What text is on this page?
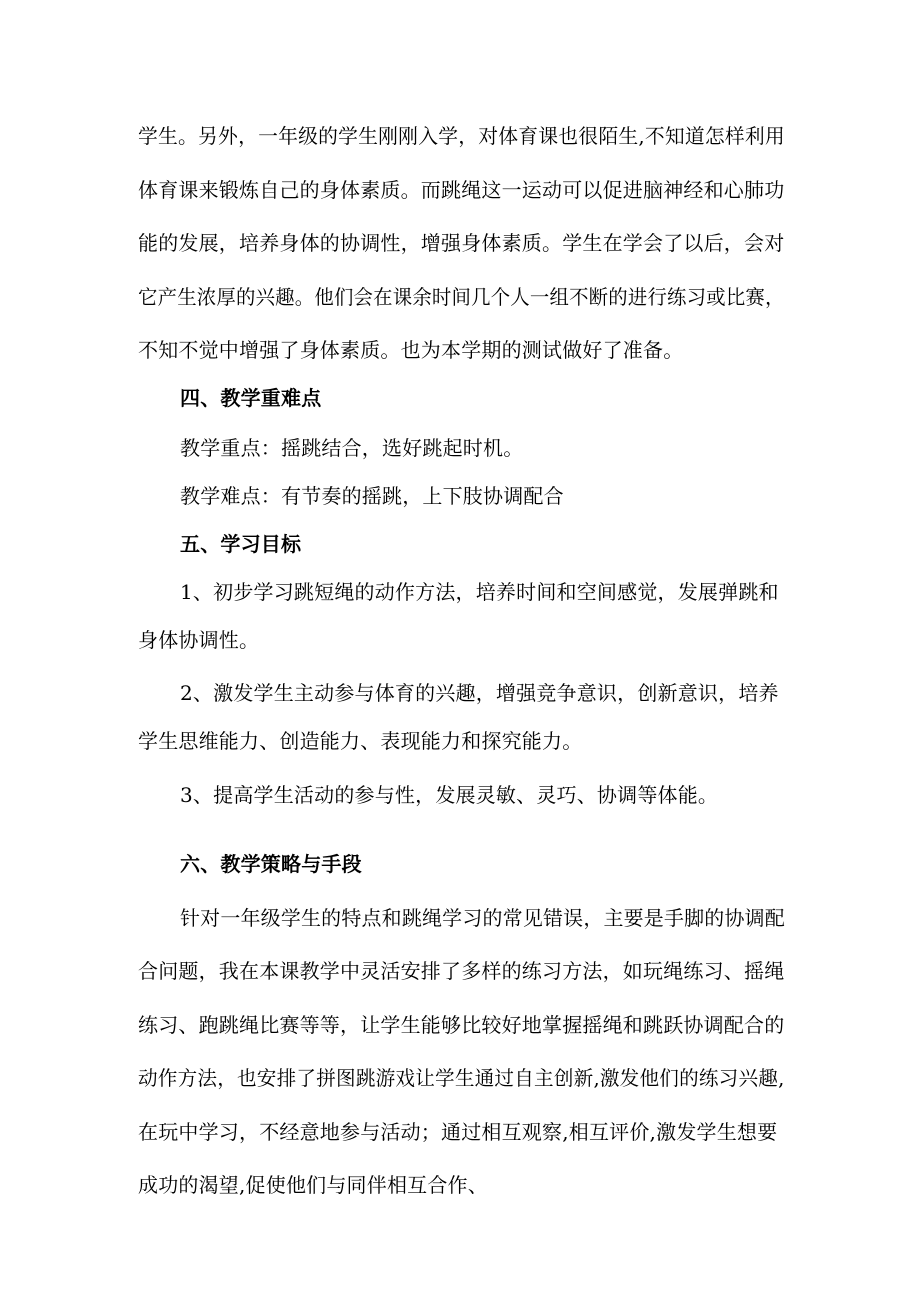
学生。另外，一年级的学生刚刚入学，对体育课也很陌生,不知道怎样利用
体育课来锻炼自己的身体素质。而跳绳这一运动可以促进脑神经和心肺功
能的发展，培养身体的协调性，增强身体素质。学生在学会了以后，会对
它产生浓厚的兴趣。他们会在课余时间几个人一组不断的进行练习或比赛，
不知不觉中增强了身体素质。也为本学期的测试做好了准备。
四、教学重难点
教学重点：摇跳结合，选好跳起时机。
教学难点：有节奏的摇跳，上下肢协调配合
五、学习目标
1、初步学习跳短绳的动作方法，培养时间和空间感觉，发展弹跳和
身体协调性。
2、激发学生主动参与体育的兴趣，增强竞争意识，创新意识，培养
学生思维能力、创造能力、表现能力和探究能力。
3、提高学生活动的参与性，发展灵敏、灵巧、协调等体能。
六、教学策略与手段
针对一年级学生的特点和跳绳学习的常见错误，主要是手脚的协调配
合问题，我在本课教学中灵活安排了多样的练习方法，如玩绳练习、摇绳
练习、跑跳绳比赛等等，让学生能够比较好地掌握摇绳和跳跃协调配合的
动作方法，也安排了拼图跳游戏让学生通过自主创新,激发他们的练习兴趣,
在玩中学习，不经意地参与活动；通过相互观察,相互评价,激发学生想要
成功的渴望,促使他们与同伴相互合作、
